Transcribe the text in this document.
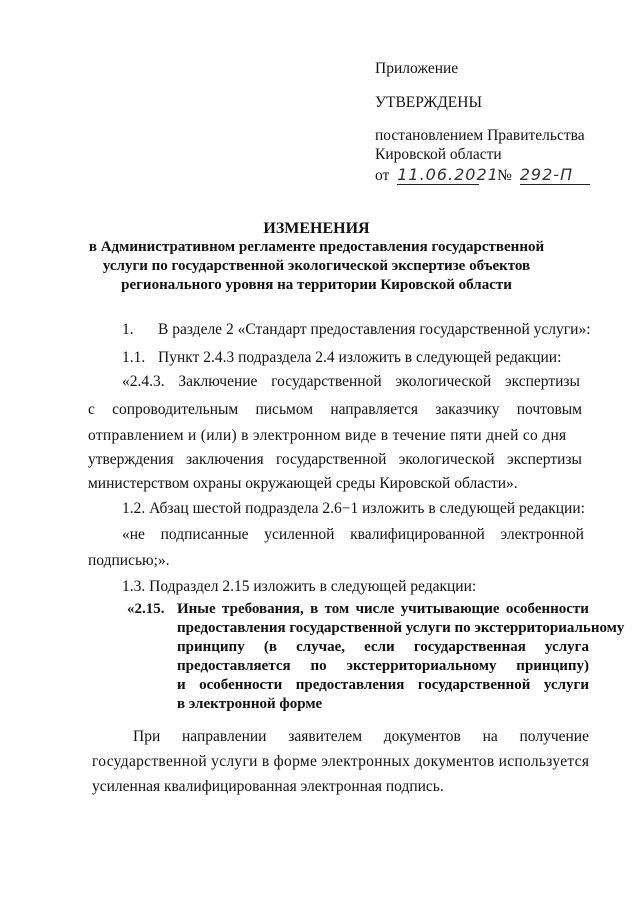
Приложение
УТВЕРЖДЕНЫ
постановлением Правительства
Кировской области
от 11.06.2021 № 292-П
ИЗМЕНЕНИЯ
в Административном регламенте предоставления государственной
услуги по государственной экологической экспертизе объектов
регионального уровня на территории Кировской области
1. В разделе 2 «Стандарт предоставления государственной услуги»:
1.1. Пункт 2.4.3 подраздела 2.4 изложить в следующей редакции:
«2.4.3. Заключение государственной экологической экспертизы
с сопроводительным письмом направляется заказчику почтовым
отправлением и (или) в электронном виде в течение пяти дней со дня
утверждения заключения государственной экологической экспертизы
министерством охраны окружающей среды Кировской области».
1.2. Абзац шестой подраздела 2.6−1 изложить в следующей редакции:
«не подписанные усиленной квалифицированной электронной
подписью;».
1.3. Подраздел 2.15 изложить в следующей редакции:
«2.15. Иные требования, в том числе учитывающие особенности
предоставления государственной услуги по экстерриториальному
принципу (в случае, если государственная услуга
предоставляется по экстерриториальному принципу)
и особенности предоставления государственной услуги
в электронной форме
При направлении заявителем документов на получение
государственной услуги в форме электронных документов используется
усиленная квалифицированная электронная подпись.
